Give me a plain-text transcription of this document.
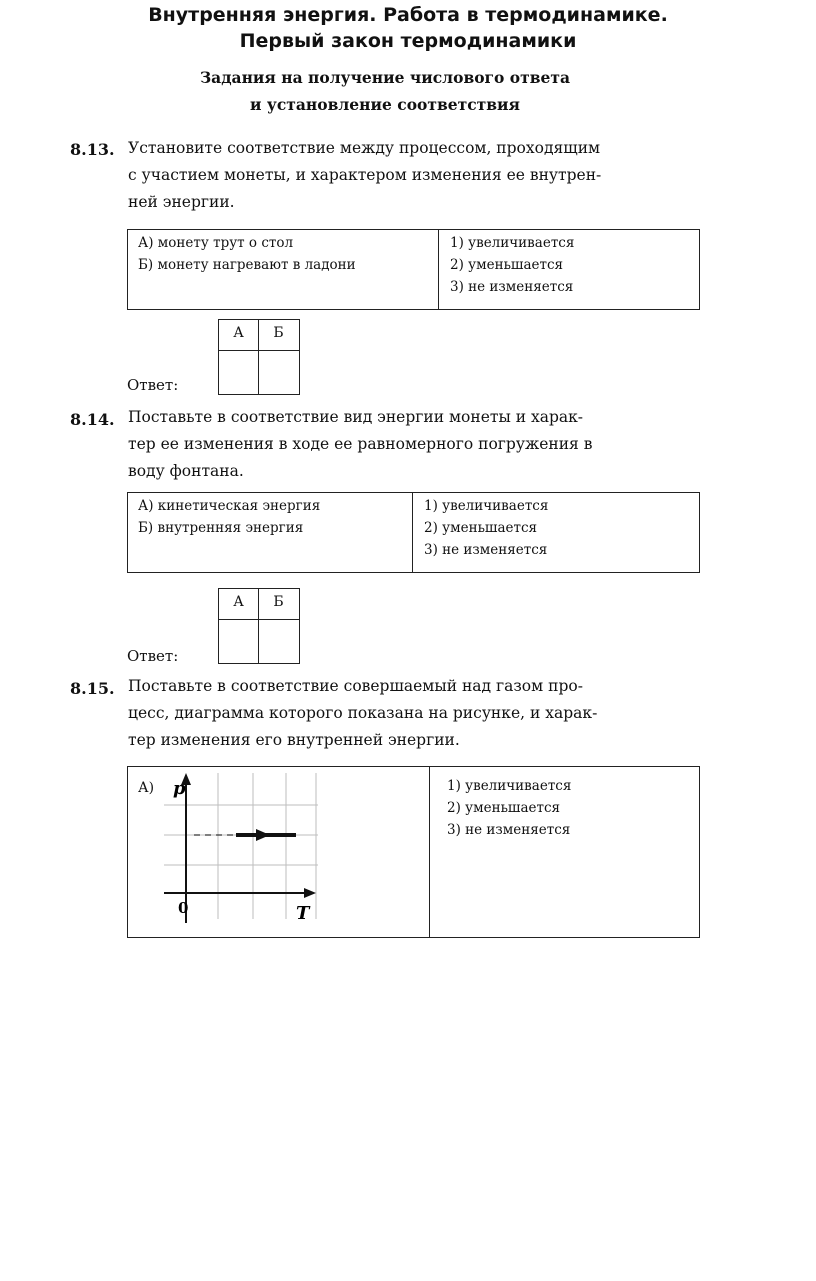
Внутренняя энергия. Работа в термодинамике.
Первый закон термодинамики
Задания на получение числового ответа
и установление соответствия
8.13. Установите соответствие между процессом, проходящим
с участием монеты, и характером изменения ее внутрен-
ней энергии.
А) монету трут о стол
Б) монету нагревают в ладони
1) увеличивается
2) уменьшается
3) не изменяется
Ответ:
А	Б
8.14. Поставьте в соответствие вид энергии монеты и харак-
тер ее изменения в ходе ее равномерного погружения в
воду фонтана.
А) кинетическая энергия
Б) внутренняя энергия
1) увеличивается
2) уменьшается
3) не изменяется
Ответ:
А	Б
8.15. Поставьте в соответствие совершаемый над газом про-
цесс, диаграмма которого показана на рисунке, и харак-
тер изменения его внутренней энергии.
А) p
0	T
1) увеличивается
2) уменьшается
3) не изменяется
